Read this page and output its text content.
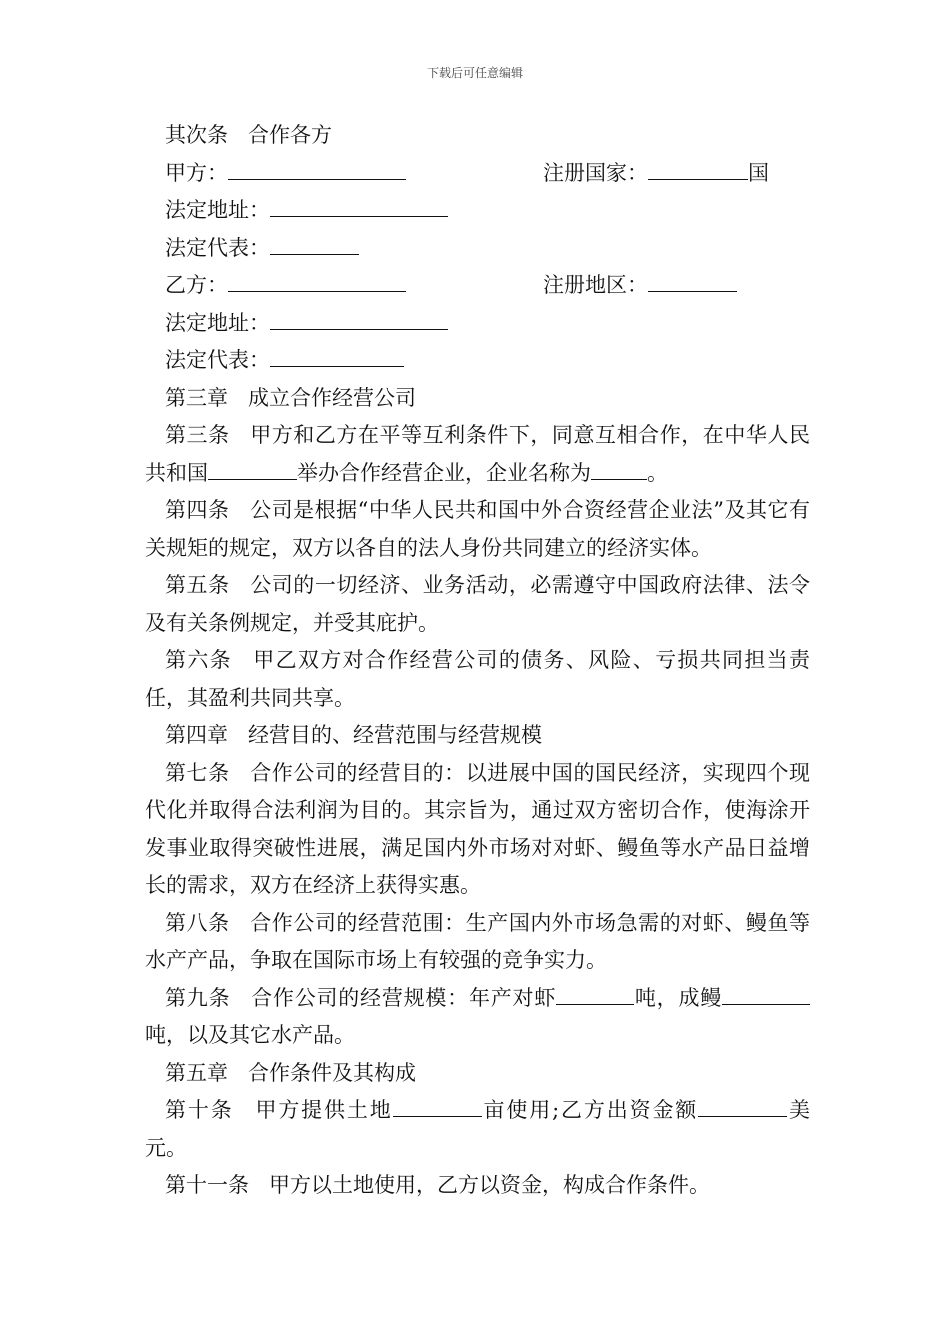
下载后可任意编辑
其次条 合作各方
甲方：	注册国家：	国
法定地址：
法定代表：
乙方：	注册地区：
法定地址：
法定代表：
第三章 成立合作经营公司
第三条 甲方和乙方在平等互利条件下，同意互相合作，在中华人民共和国	举办合作经营企业，企业名称为	。
第四条 公司是根据“中华人民共和国中外合资经营企业法”及其它有关规矩的规定，双方以各自的法人身份共同建立的经济实体。
第五条 公司的一切经济、业务活动，必需遵守中国政府法律、法令及有关条例规定，并受其庇护。
第六条 甲乙双方对合作经营公司的债务、风险、亏损共同担当责任，其盈利共同共享。
第四章 经营目的、经营范围与经营规模
第七条 合作公司的经营目的：以进展中国的国民经济，实现四个现代化并取得合法利润为目的。其宗旨为，通过双方密切合作，使海涂开发事业取得突破性进展，满足国内外市场对对虾、鳗鱼等水产品日益增长的需求，双方在经济上获得实惠。
第八条 合作公司的经营范围：生产国内外市场急需的对虾、鳗鱼等水产产品，争取在国际市场上有较强的竞争实力。
第九条 合作公司的经营规模：年产对虾	吨，成鳗吨，以及其它水产品。
第五章 合作条件及其构成
第十条 甲方提供土地	亩使用;乙方出资金额	美元。
第十一条 甲方以土地使用，乙方以资金，构成合作条件。
